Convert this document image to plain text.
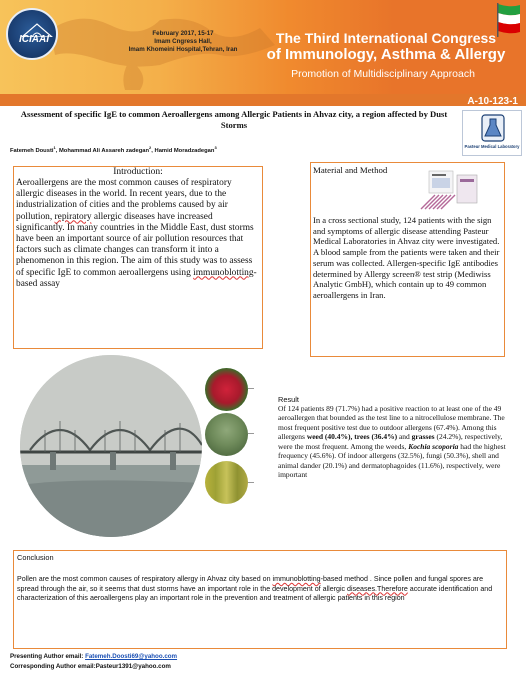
ICIAAI
February 2017, 15-17
Imam Cngress Hall,
Imam Khomeini Hospital,Tehran, Iran
The Third International Congress
of Immunology, Asthma & Allergy
Promotion of Multidisciplinary Approach
A-10-123-1
Assessment of specific IgE to common Aeroallergens among Allergic Patients in Ahvaz city, a region affected by Dust Storms
Fatemeh Dousti$^1$, Mohammad Ali Assareh zadegan$^2$, Hamid Moradzadegan$^3$	Pasteur Medical Laboratory
Introduction:
Aeroallergens are the most common causes of respiratory allergic diseases in the world. In recent years, due to the industrialization of cities and the problems caused by air pollution, repiratory allergic diseases have increased significantly. In many countries in the Middle East, dust storms have been an important source of air pollution resources that factors such as climate changes can transform it into a phenomenon in this region. The aim of this study was to assess of specific IgE to common aeroallergens using immunoblotting-based assay
Material and Method
In a cross sectional study, 124 patients with the sign and symptoms of allergic disease attending Pasteur Medical Laboratories in Ahvaz city were investigated. A blood sample from the patients were taken and their serum was collected. Allergen-specific IgE antibodies determined by Allergy screen® test strip (Mediwiss Analytic GmbH), which contain up to 49 common aeroallergens in Iran.
Result
Of 124 patients 89 (71.7%) had a positive reaction to at least one of the 49 aeroallergen that bounded as the test line to a nitrocellulose membrane. The most frequent positive test due to outdoor allergens (67.4%). Among this allergens weed (40.4%), trees (36.4%) and grasses (24.2%), respectively, were the most frequent. Among the weeds, Kochia scoporia had the highest frequency (45.6%). Of indoor allergens (32.5%), fungi (50.3%), shell and animal dander (20.1%) and dermatophagoides (11.6%), respectively, were important
Conclusion
Pollen are the most common causes of respiratory allergy in Ahvaz city based on immunoblotting-based method . Since pollen and fungal spores are spread through the air, so it seems that dust storms have an important role in the development of allergic diseases.Therefore accurate identification and characterization of this aeroallergens play an important role in the prevention and treatment of allergic patients in this region
Presenting Author email: Fatemeh.Doosti69@yahoo.com
Corresponding Author email:Pasteur1391@yahoo.com
